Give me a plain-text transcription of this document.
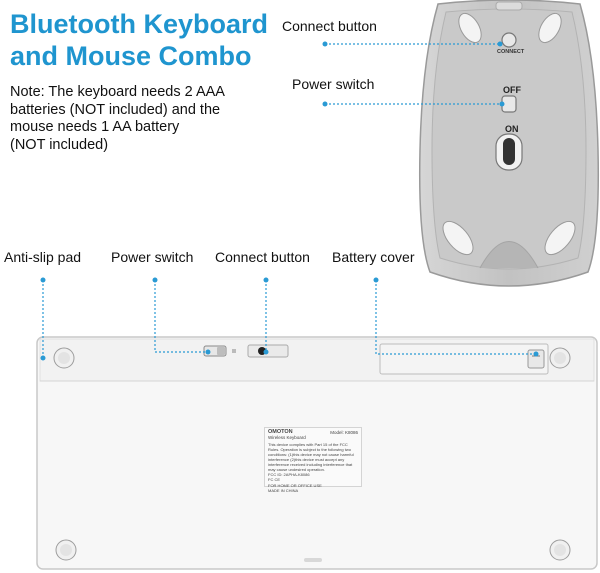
Bluetooth Keyboard
and Mouse Combo
Note: The keyboard needs 2 AAA
batteries (NOT included) and the
mouse needs 1 AA battery
(NOT included)
CONNECT
OFF
ON
OMOTON	Model: K8086
Wireless Keyboard
This device complies with Part 15 of the FCC Rules. Operation is subject to the following two conditions: (1)this device may not cause harmful interference (2)this device must accept any interference received including interference that may cause undesired operation.
FCC ID: 2APHA-K8086
FC CE
FOR HOME OR OFFICE USE MADE IN CHINA
Connect button
Power switch
Anti-slip pad Power switch Connect button Battery cover
